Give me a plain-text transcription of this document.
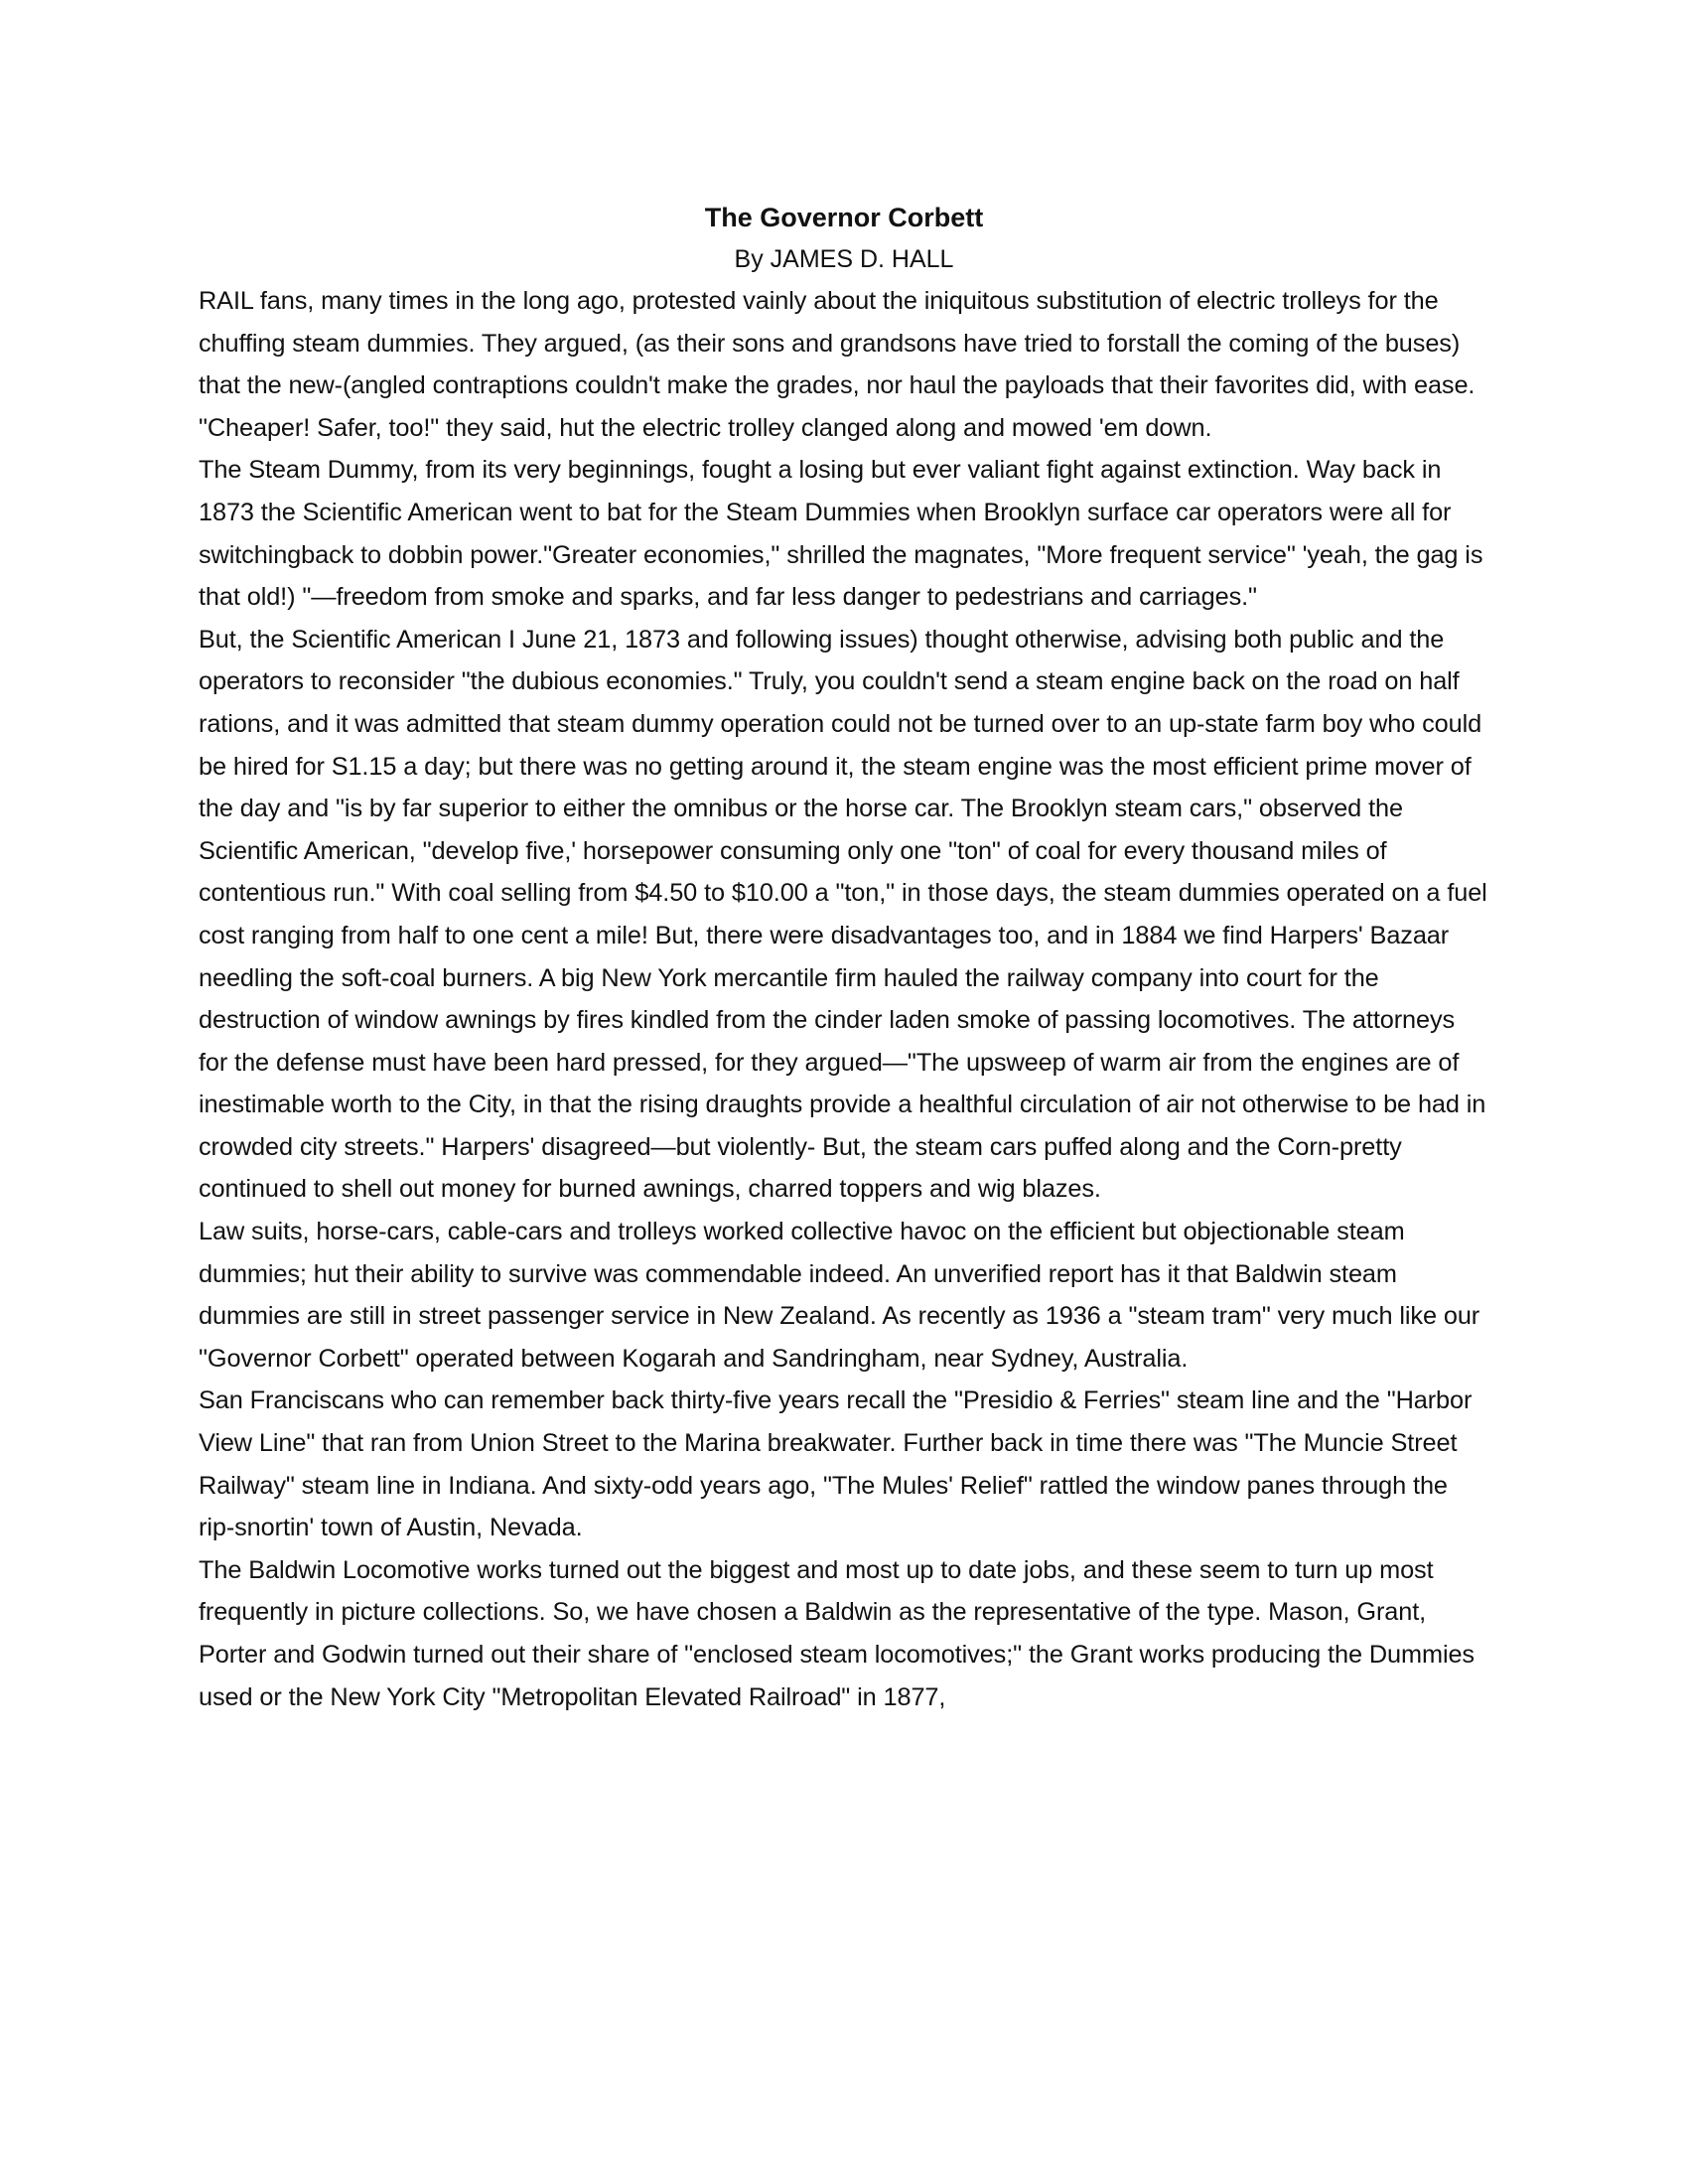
The Governor Corbett
By JAMES D. HALL

RAIL fans, many times in the long ago, protested vainly about the iniquitous substitution of electric trolleys for the chuffing steam dummies. They argued, (as their sons and grandsons have tried to forstall the coming of the buses) that the new-(angled contraptions couldn't make the grades, nor haul the payloads that their favorites did, with ease.

"Cheaper! Safer, too!" they said, hut the electric trolley clanged along and mowed 'em down.

The Steam Dummy, from its very beginnings, fought a losing but ever valiant fight against extinction. Way back in 1873 the Scientific American went to bat for the Steam Dummies when Brooklyn surface car operators were all for switchingback to dobbin power."Greater economies," shrilled the magnates, "More frequent service" 'yeah, the gag is that old!) "—freedom from smoke and sparks, and far less danger to pedestrians and carriages."

But, the Scientific American I June 21, 1873 and following issues) thought otherwise, advising both public and the operators to reconsider "the dubious economies." Truly, you couldn't send a steam engine back on the road on half rations, and it was admitted that steam dummy operation could not be turned over to an up-state farm boy who could be hired for S1.15 a day; but there was no getting around it, the steam engine was the most efficient prime mover of the day and "is by far superior to either the omnibus or the horse car. The Brooklyn steam cars," observed the Scientific American, "develop five,' horsepower consuming only one "ton" of coal for every thousand miles of contentious run." With coal selling from $4.50 to $10.00 a "ton," in those days, the steam dummies operated on a fuel cost ranging from half to one cent a mile! But, there were disadvantages too, and in 1884 we find Harpers' Bazaar needling the soft-coal burners. A big New York mercantile firm hauled the railway company into court for the destruction of window awnings by fires kindled from the cinder laden smoke of passing locomotives. The attorneys for the defense must have been hard pressed, for they argued—"The upsweep of warm air from the engines are of inestimable worth to the City, in that the rising draughts provide a healthful circulation of air not otherwise to be had in crowded city streets." Harpers' disagreed—but violently- But, the steam cars puffed along and the Corn-pretty continued to shell out money for burned awnings, charred toppers and wig blazes.

Law suits, horse-cars, cable-cars and trolleys worked collective havoc on the efficient but objectionable steam dummies; hut their ability to survive was commendable indeed. An unverified report has it that Baldwin steam dummies are still in street passenger service in New Zealand. As recently as 1936 a "steam tram" very much like our "Governor Corbett" operated between Kogarah and Sandringham, near Sydney, Australia.

San Franciscans who can remember back thirty-five years recall the "Presidio & Ferries" steam line and the "Harbor View Line" that ran from Union Street to the Marina breakwater. Further back in time there was "The Muncie Street Railway" steam line in Indiana. And sixty-odd years ago, "The Mules' Relief" rattled the window panes through the rip-snortin' town of Austin, Nevada.

The Baldwin Locomotive works turned out the biggest and most up to date jobs, and these seem to turn up most frequently in picture collections. So, we have chosen a Baldwin as the representative of the type. Mason, Grant, Porter and Godwin turned out their share of "enclosed steam locomotives;" the Grant works producing the Dummies used or the New York City "Metropolitan Elevated Railroad" in 1877,
